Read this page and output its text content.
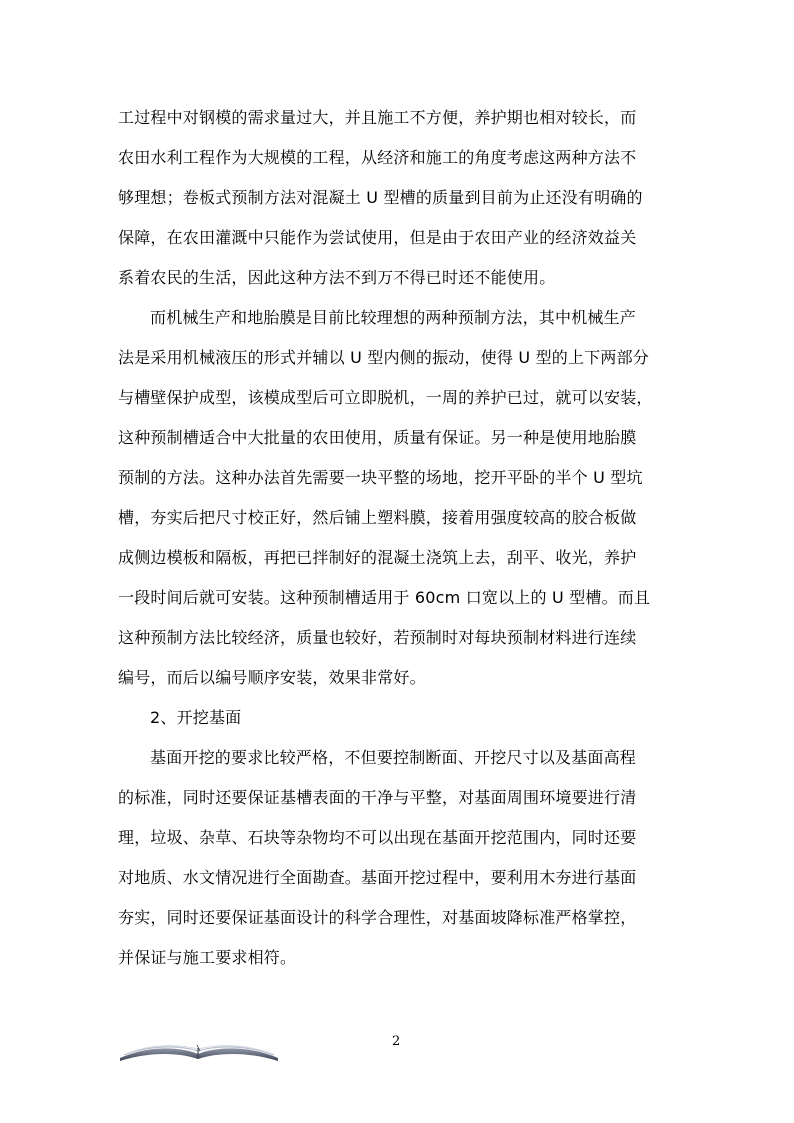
工过程中对钢模的需求量过大，并且施工不方便，养护期也相对较长，而
农田水利工程作为大规模的工程，从经济和施工的角度考虑这两种方法不
够理想；卷板式预制方法对混凝土 U 型槽的质量到目前为止还没有明确的
保障，在农田灌溉中只能作为尝试使用，但是由于农田产业的经济效益关
系着农民的生活，因此这种方法不到万不得已时还不能使用。
而机械生产和地胎膜是目前比较理想的两种预制方法，其中机械生产
法是采用机械液压的形式并辅以 U 型内侧的振动，使得 U 型的上下两部分
与槽壁保护成型，该模成型后可立即脱机，一周的养护已过，就可以安装，
这种预制槽适合中大批量的农田使用，质量有保证。另一种是使用地胎膜
预制的方法。这种办法首先需要一块平整的场地，挖开平卧的半个 U 型坑
槽，夯实后把尺寸校正好，然后铺上塑料膜，接着用强度较高的胶合板做
成侧边模板和隔板，再把已拌制好的混凝土浇筑上去，刮平、收光，养护
一段时间后就可安装。这种预制槽适用于 60cm 口宽以上的 U 型槽。而且
这种预制方法比较经济，质量也较好，若预制时对每块预制材料进行连续
编号，而后以编号顺序安装，效果非常好。
2、开挖基面
基面开挖的要求比较严格，不但要控制断面、开挖尺寸以及基面高程
的标准，同时还要保证基槽表面的干净与平整，对基面周围环境要进行清
理，垃圾、杂草、石块等杂物均不可以出现在基面开挖范围内，同时还要
对地质、水文情况进行全面勘查。基面开挖过程中，要利用木夯进行基面
夯实，同时还要保证基面设计的科学合理性，对基面坡降标准严格掌控，
并保证与施工要求相符。
2
